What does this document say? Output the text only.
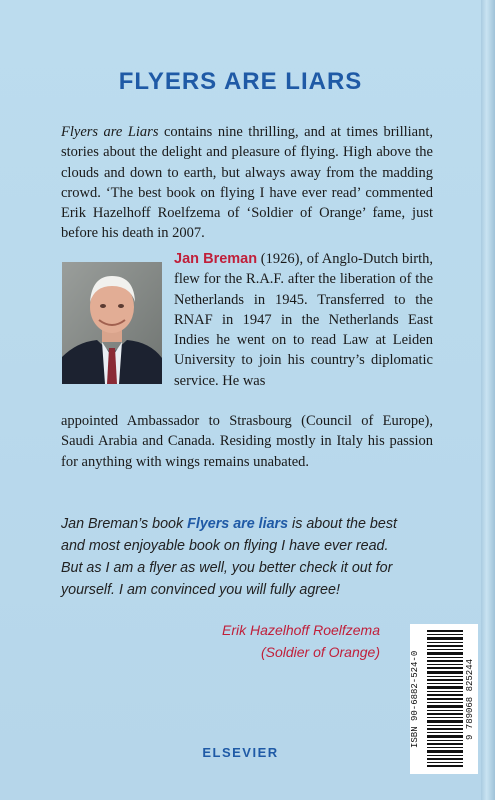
FLYERS ARE LIARS
Flyers are Liars contains nine thrilling, and at times brilliant, stories about the delight and pleasure of flying. High above the clouds and down to earth, but always away from the madding crowd. ‘The best book on flying I have ever read’ commented Erik Hazelhoff Roelfzema of ‘Soldier of Orange’ fame, just before his death in 2007.
Jan Breman (1926), of Anglo-Dutch birth, flew for the R.A.F. after the liberation of the Netherlands in 1945. Transferred to the RNAF in 1947 in the Netherlands East Indies he went on to read Law at Leiden University to join his country’s diplomatic service. He was
appointed Ambassador to Strasbourg (Council of Europe), Saudi Arabia and Canada. Residing mostly in Italy his passion for anything with wings remains unabated.
Jan Breman’s book Flyers are liars is about the best and most enjoyable book on flying I have ever read. But as I am a flyer as well, you better check it out for yourself. I am convinced you will fully agree!
Erik Hazelhoff Roelfzema
(Soldier of Orange)
ELSEVIER
ISBN 90-6882-524-0	9 789068 825244
